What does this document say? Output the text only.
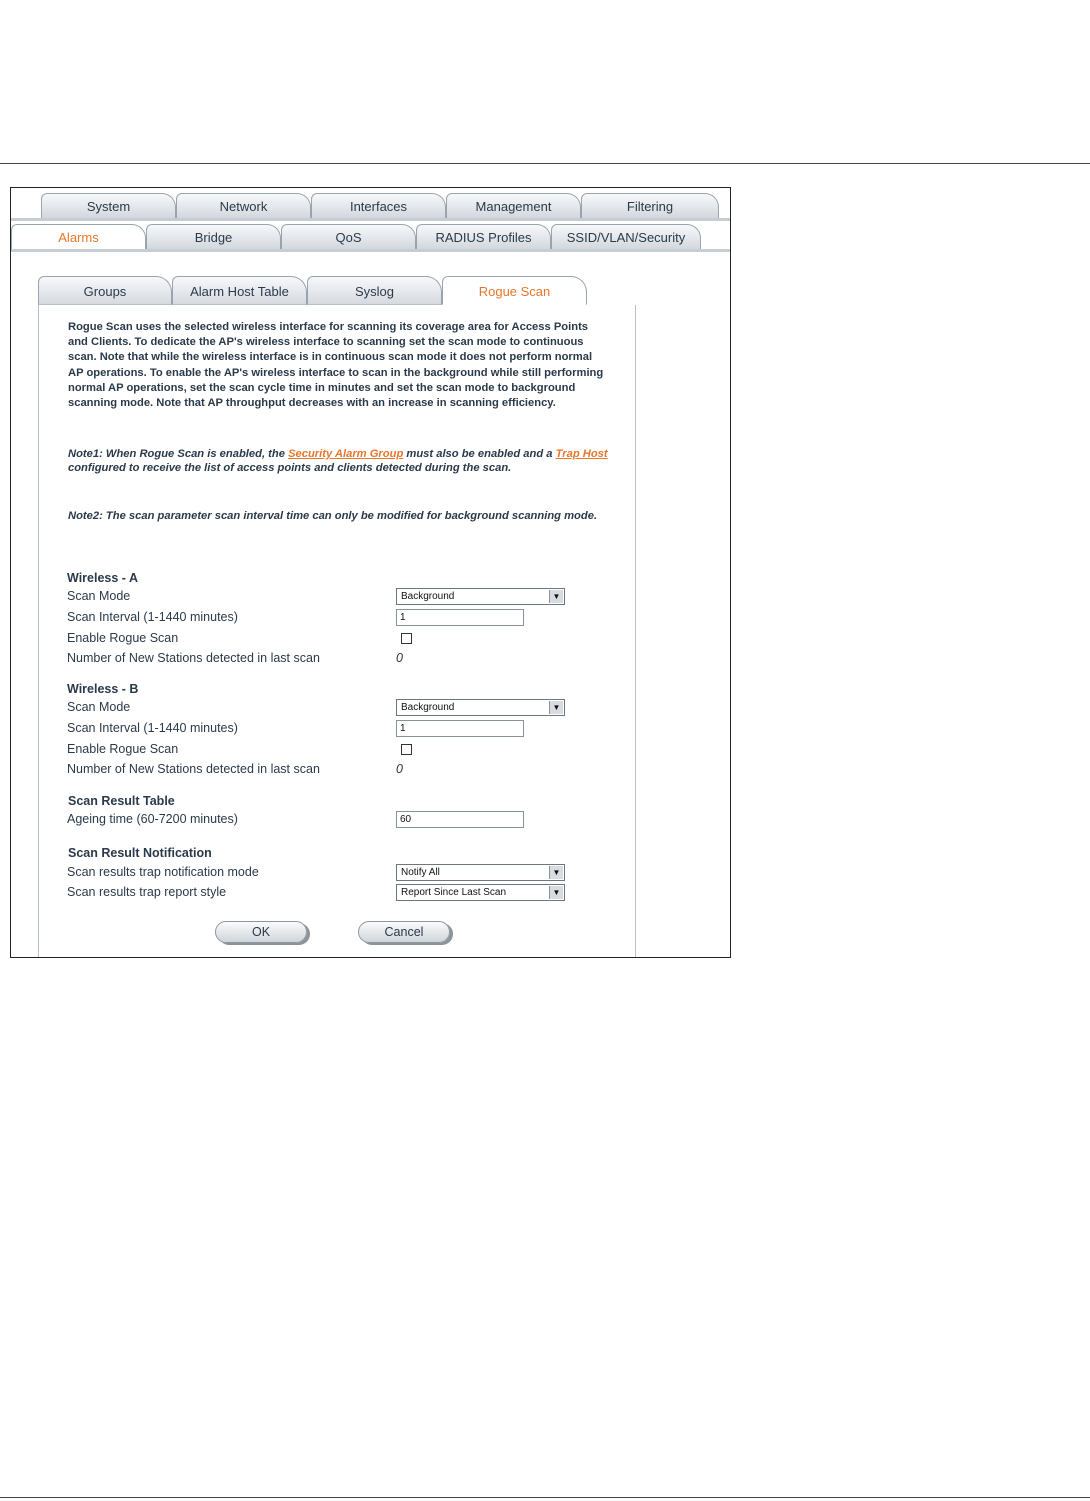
System	Network	Interfaces	Management	Filtering
Alarms	Bridge	QoS	RADIUS Profiles	SSID/VLAN/Security
Groups	Alarm Host Table	Syslog	Rogue Scan
Rogue Scan uses the selected wireless interface for scanning its coverage area for Access Points and Clients. To dedicate the AP's wireless interface to scanning set the scan mode to continuous scan. Note that while the wireless interface is in continuous scan mode it does not perform normal AP operations. To enable the AP's wireless interface to scan in the background while still performing normal AP operations, set the scan cycle time in minutes and set the scan mode to background scanning mode. Note that AP throughput decreases with an increase in scanning efficiency.
Note1: When Rogue Scan is enabled, the Security Alarm Group must also be enabled and a Trap Host configured to receive the list of access points and clients detected during the scan.
Note2: The scan parameter scan interval time can only be modified for background scanning mode.
Wireless - A
Scan Mode	Background	▼
Scan Interval (1-1440 minutes)	1
Enable Rogue Scan
Number of New Stations detected in last scan	0
Wireless - B
Scan Mode	Background	▼
Scan Interval (1-1440 minutes)	1
Enable Rogue Scan
Number of New Stations detected in last scan	0
Scan Result Table
Ageing time (60-7200 minutes)	60
Scan Result Notification
Scan results trap notification mode	Notify All	▼
Scan results trap report style	Report Since Last Scan	▼
OK	Cancel
